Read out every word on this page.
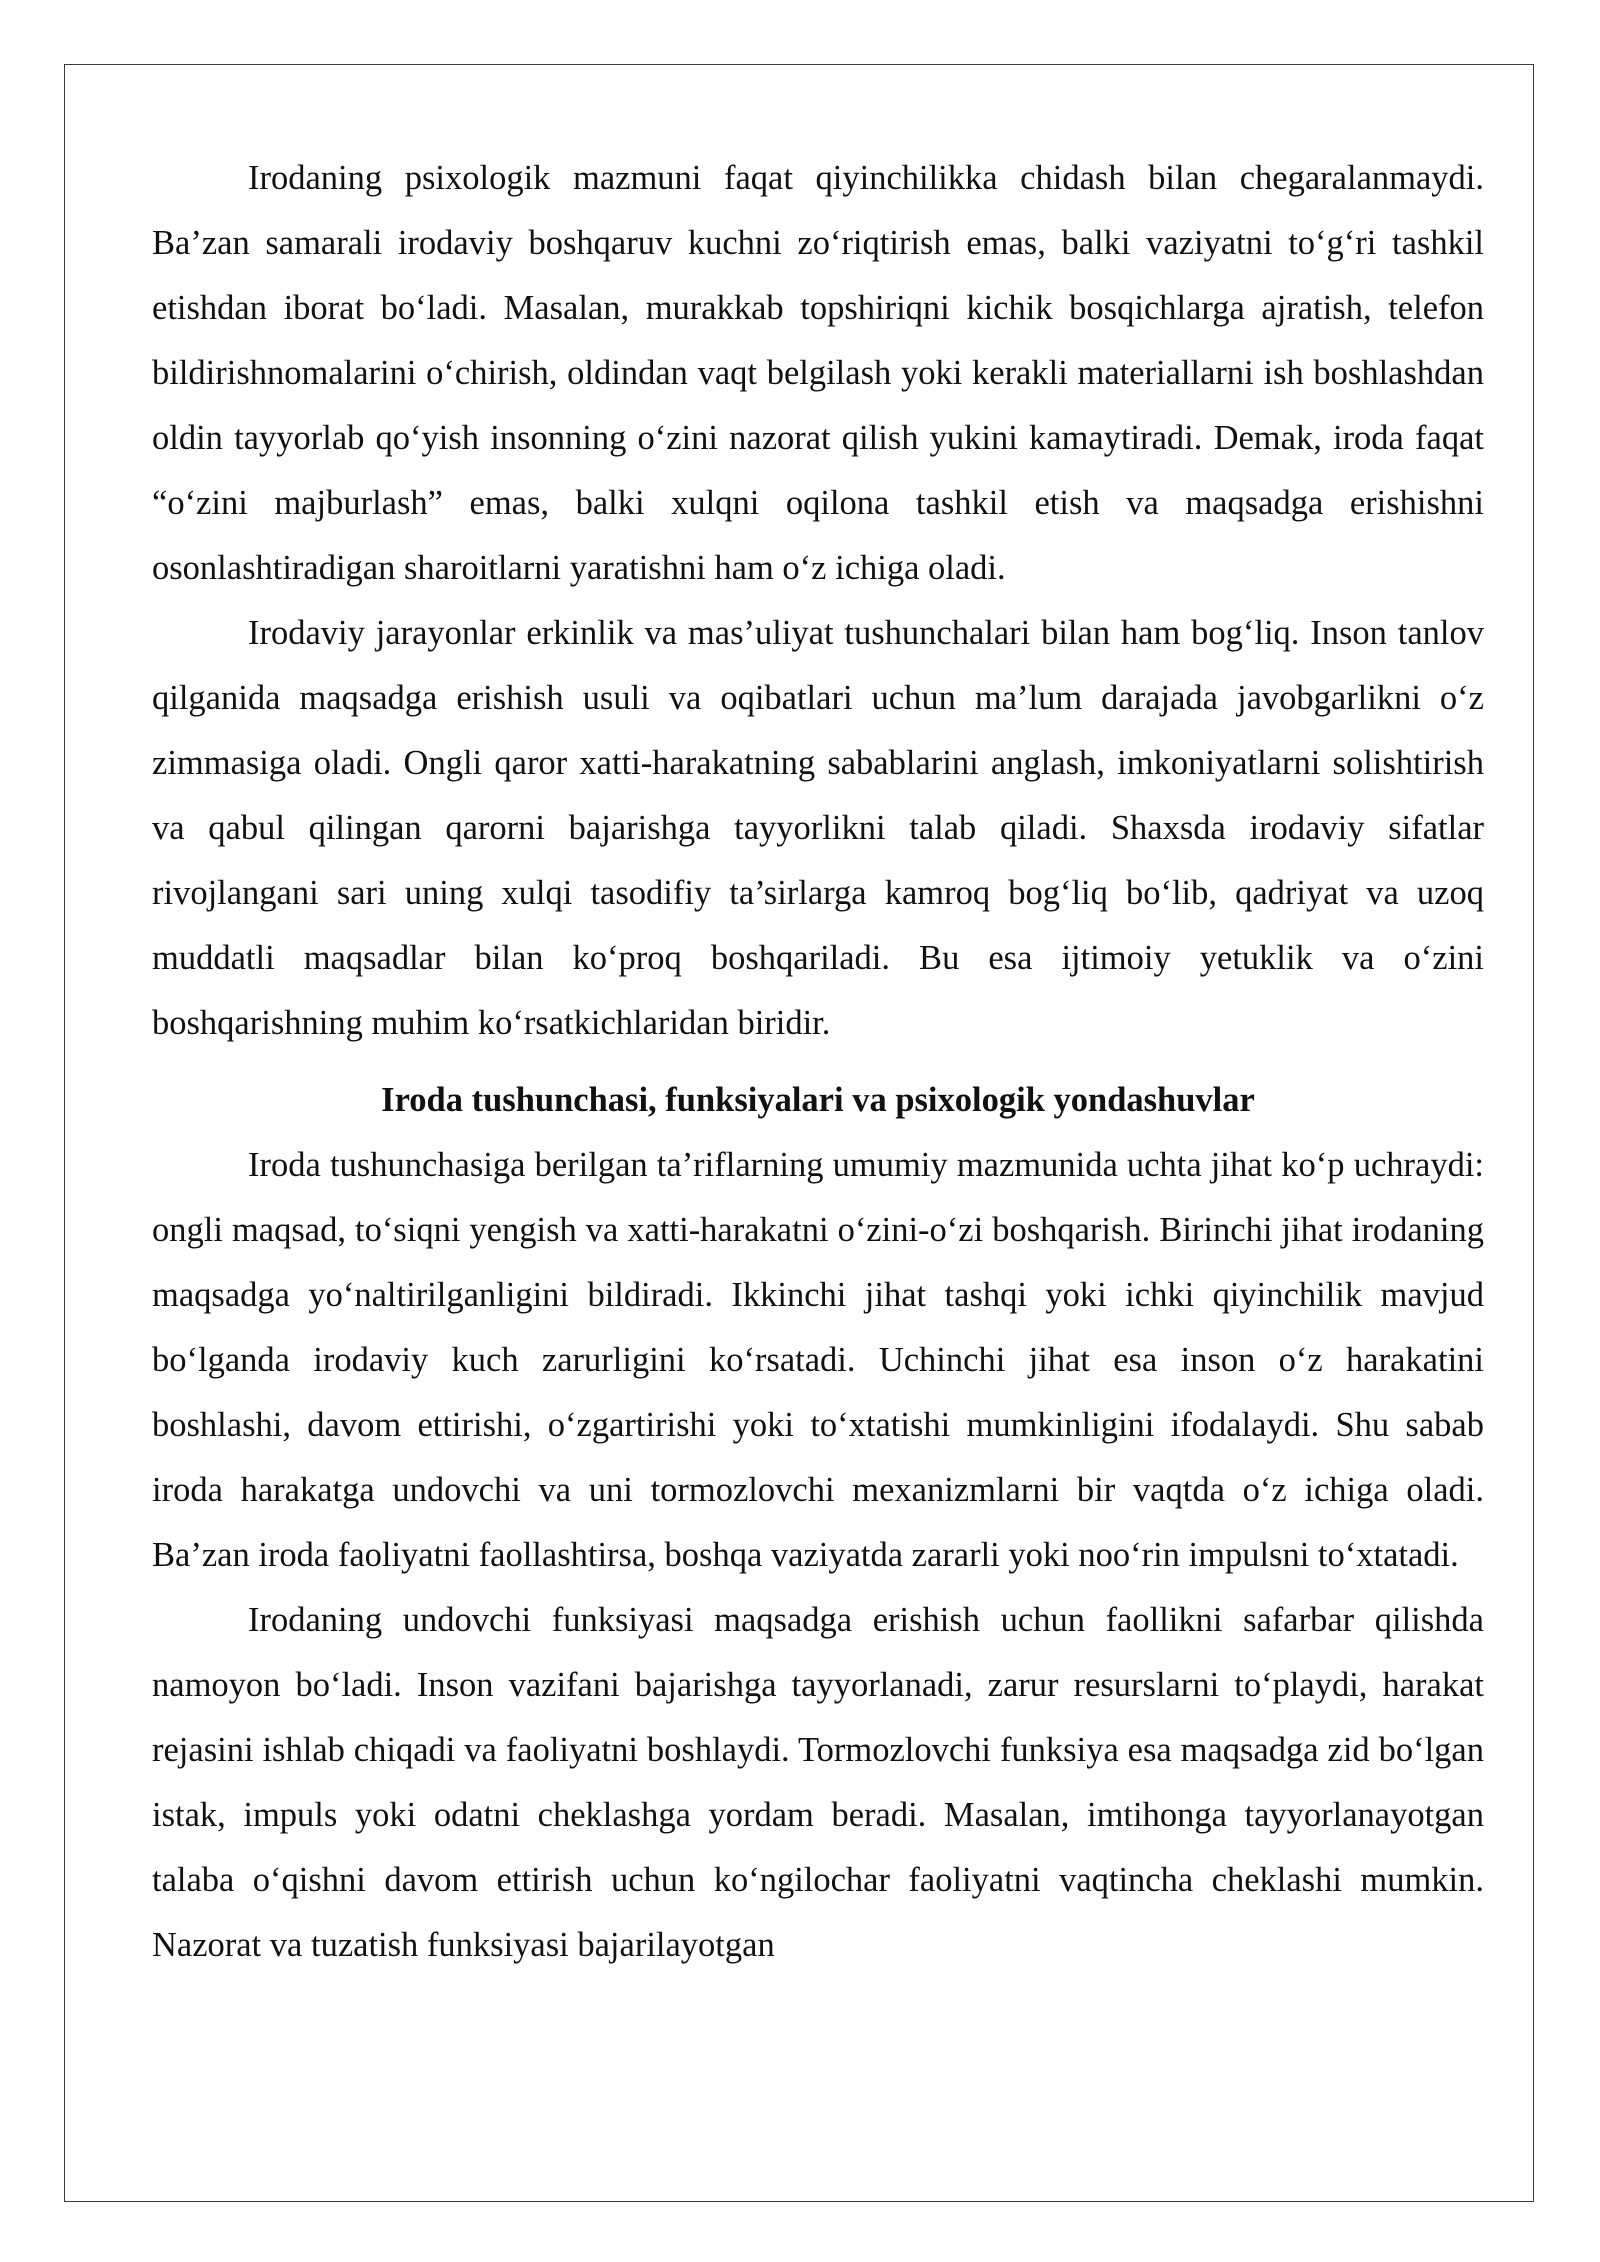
Irodaning psixologik mazmuni faqat qiyinchilikka chidash bilan chegaralanmaydi. Ba’zan samarali irodaviy boshqaruv kuchni zo‘riqtirish emas, balki vaziyatni to‘g‘ri tashkil etishdan iborat bo‘ladi. Masalan, murakkab topshiriqni kichik bosqichlarga ajratish, telefon bildirishnomalarini o‘chirish, oldindan vaqt belgilash yoki kerakli materiallarni ish boshlashdan oldin tayyorlab qo‘yish insonning o‘zini nazorat qilish yukini kamaytiradi. Demak, iroda faqat “o‘zini majburlash” emas, balki xulqni oqilona tashkil etish va maqsadga erishishni osonlashtiradigan sharoitlarni yaratishni ham o‘z ichiga oladi.

Irodaviy jarayonlar erkinlik va mas’uliyat tushunchalari bilan ham bog‘liq. Inson tanlov qilganida maqsadga erishish usuli va oqibatlari uchun ma’lum darajada javobgarlikni o‘z zimmasiga oladi. Ongli qaror xatti-harakatning sabablarini anglash, imkoniyatlarni solishtirish va qabul qilingan qarorni bajarishga tayyorlikni talab qiladi. Shaxsda irodaviy sifatlar rivojlangani sari uning xulqi tasodifiy ta’sirlarga kamroq bog‘liq bo‘lib, qadriyat va uzoq muddatli maqsadlar bilan ko‘proq boshqariladi. Bu esa ijtimoiy yetuklik va o‘zini boshqarishning muhim ko‘rsatkichlaridan biridir.

Iroda tushunchasi, funksiyalari va psixologik yondashuvlar

Iroda tushunchasiga berilgan ta’riflarning umumiy mazmunida uchta jihat ko‘p uchraydi: ongli maqsad, to‘siqni yengish va xatti-harakatni o‘zini-o‘zi boshqarish. Birinchi jihat irodaning maqsadga yo‘naltirilganligini bildiradi. Ikkinchi jihat tashqi yoki ichki qiyinchilik mavjud bo‘lganda irodaviy kuch zarurligini ko‘rsatadi. Uchinchi jihat esa inson o‘z harakatini boshlashi, davom ettirishi, o‘zgartirishi yoki to‘xtatishi mumkinligini ifodalaydi. Shu sabab iroda harakatga undovchi va uni tormozlovchi mexanizmlarni bir vaqtda o‘z ichiga oladi. Ba’zan iroda faoliyatni faollashtirsa, boshqa vaziyatda zararli yoki noo‘rin impulsni to‘xtatadi.

Irodaning undovchi funksiyasi maqsadga erishish uchun faollikni safarbar qilishda namoyon bo‘ladi. Inson vazifani bajarishga tayyorlanadi, zarur resurslarni to‘playdi, harakat rejasini ishlab chiqadi va faoliyatni boshlaydi. Tormozlovchi funksiya esa maqsadga zid bo‘lgan istak, impuls yoki odatni cheklashga yordam beradi. Masalan, imtihonga tayyorlanayotgan talaba o‘qishni davom ettirish uchun ko‘ngilochar faoliyatni vaqtincha cheklashi mumkin. Nazorat va tuzatish funksiyasi bajarilayotgan
